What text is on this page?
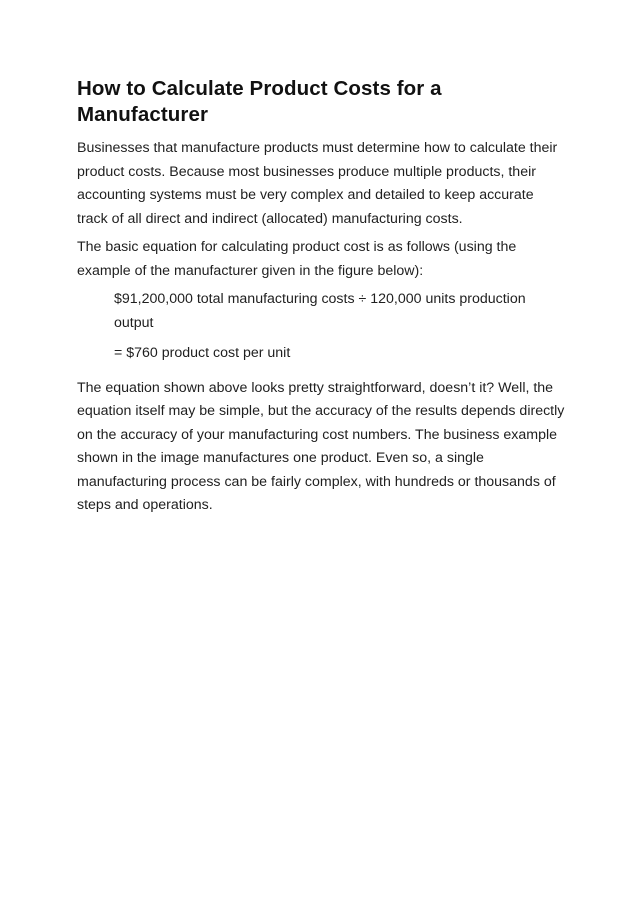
How to Calculate Product Costs for a Manufacturer

Businesses that manufacture products must determine how to calculate their product costs. Because most businesses produce multiple products, their accounting systems must be very complex and detailed to keep accurate track of all direct and indirect (allocated) manufacturing costs.

The basic equation for calculating product cost is as follows (using the example of the manufacturer given in the figure below):

$91,200,000 total manufacturing costs ÷ 120,000 units production output

= $760 product cost per unit

The equation shown above looks pretty straightforward, doesn’t it? Well, the equation itself may be simple, but the accuracy of the results depends directly on the accuracy of your manufacturing cost numbers. The business example shown in the image manufactures one product. Even so, a single manufacturing process can be fairly complex, with hundreds or thousands of steps and operations.
